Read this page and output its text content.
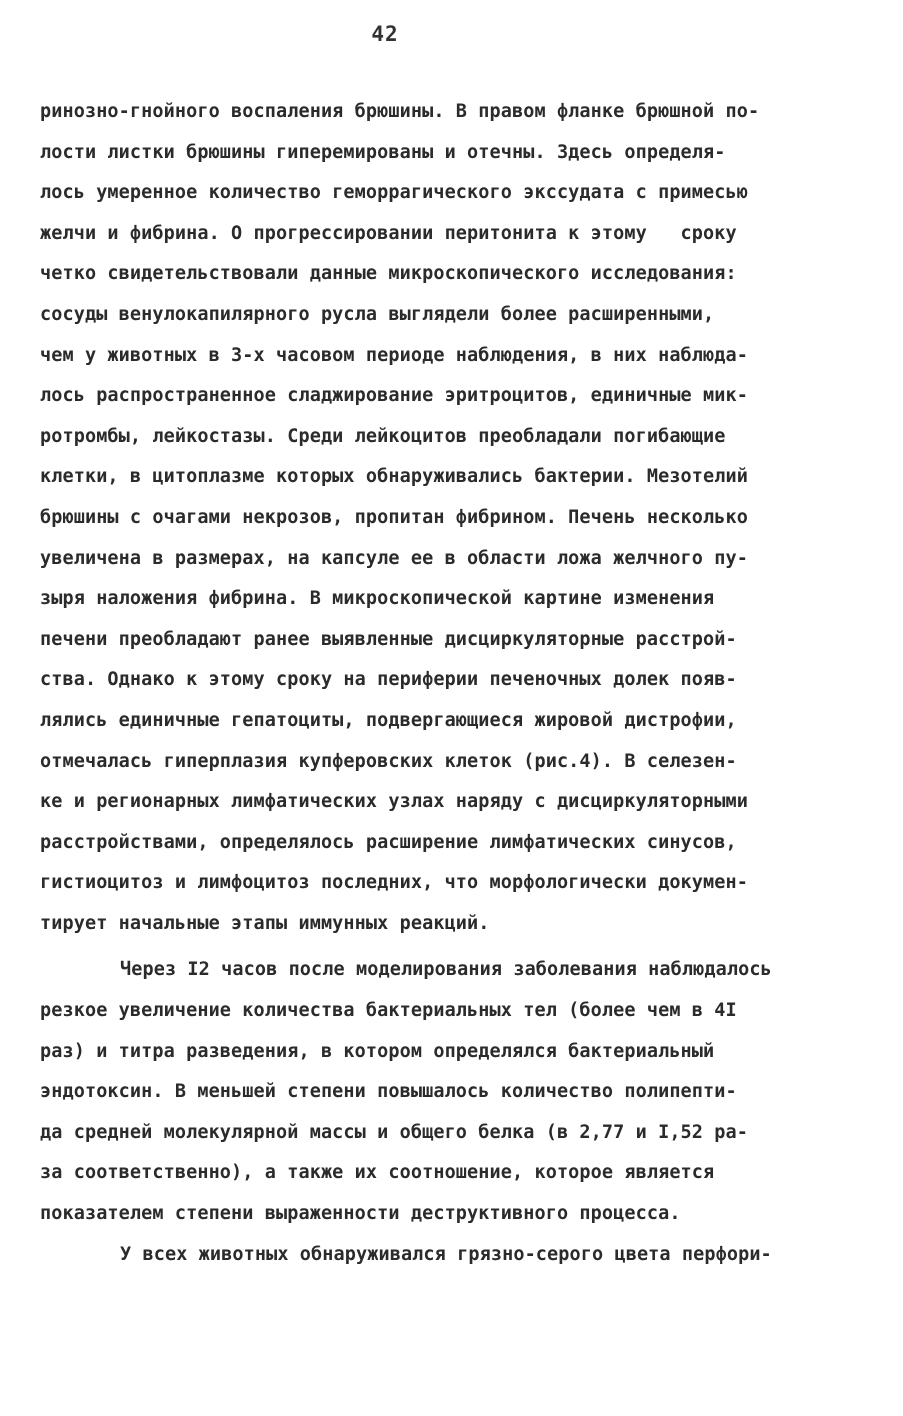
42
ринозно-гнойного воспаления брюшины. В правом фланке брюшной по-
лости листки брюшины гиперемированы и отечны. Здесь определя-
лось умеренное количество геморрагического экссудата с примесью
желчи и фибрина. О прогрессировании перитонита к этому   сроку
четко свидетельствовали данные микроскопического исследования:
сосуды венулокапилярного русла выглядели более расширенными,
чем у животных в 3-х часовом периоде наблюдения, в них наблюда-
лось распространенное сладжирование эритроцитов, единичные мик-
ротромбы, лейкостазы. Среди лейкоцитов преобладали погибающие
клетки, в цитоплазме которых обнаруживались бактерии. Мезотелий
брюшины с очагами некрозов, пропитан фибрином. Печень несколько
увеличена в размерах, на капсуле ее в области ложа желчного пу-
зыря наложения фибрина. В микроскопической картине изменения
печени преобладают ранее выявленные дисциркуляторные расстрой-
ства. Однако к этому сроку на периферии печеночных долек появ-
лялись единичные гепатоциты, подвергающиеся жировой дистрофии,
отмечалась гиперплазия купферовских клеток (рис.4). В селезен-
ке и регионарных лимфатических узлах наряду с дисциркуляторными
расстройствами, определялось расширение лимфатических синусов,
гистиоцитоз и лимфоцитоз последних, что морфологически докумен-
тирует начальные этапы иммунных реакций.
Через I2 часов после моделирования заболевания наблюдалось
резкое увеличение количества бактериальных тел (более чем в 4I
раз) и титра разведения, в котором определялся бактериальный
эндотоксин. В меньшей степени повышалось количество полипепти-
да средней молекулярной массы и общего белка (в 2,77 и I,52 ра-
за соответственно), а также их соотношение, которое является
показателем степени выраженности деструктивного процесса.
У всех животных обнаруживался грязно-серого цвета перфори-
